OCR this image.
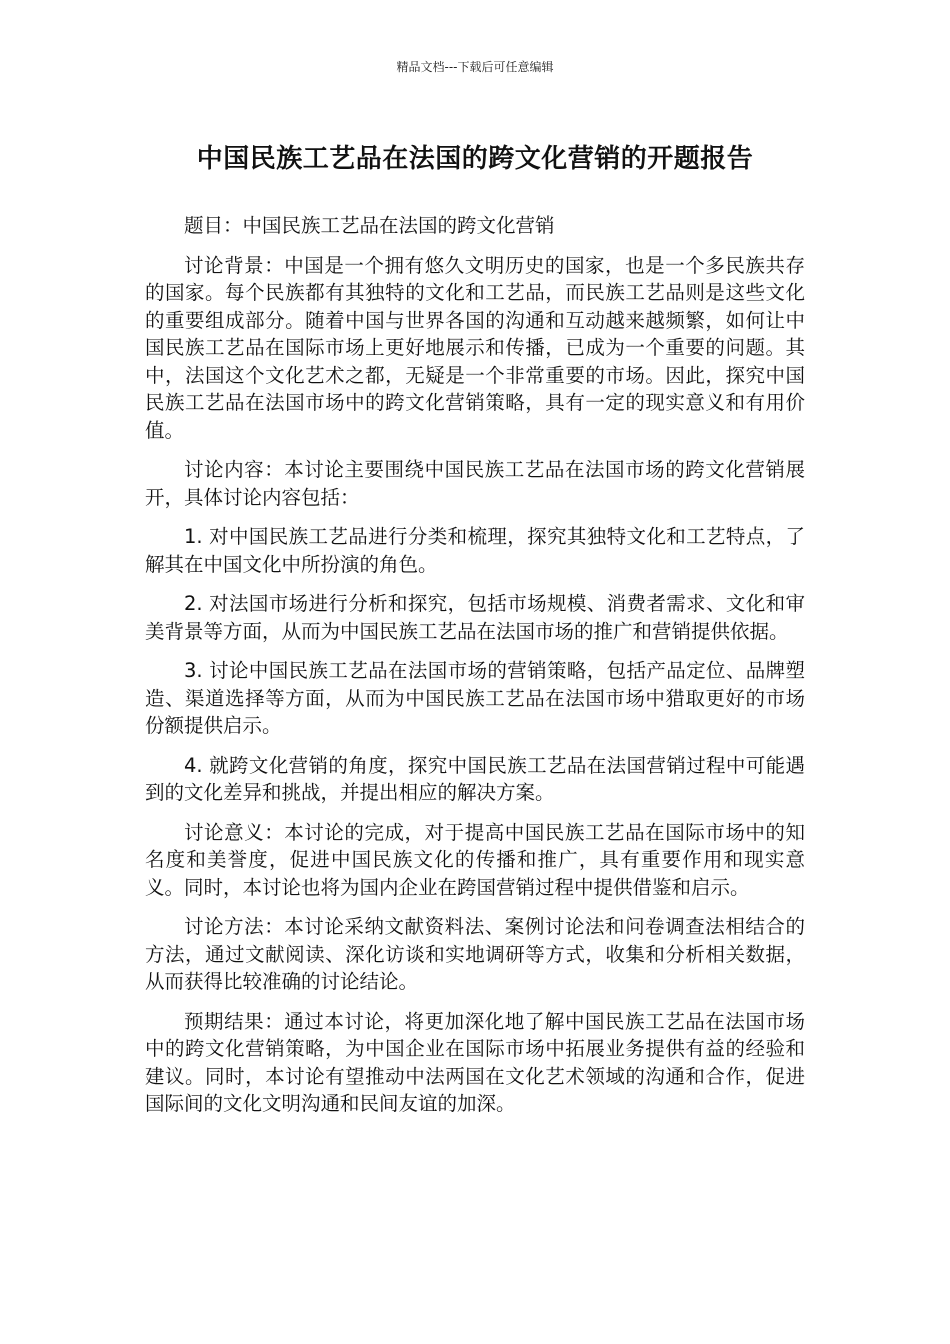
精品文档---下载后可任意编辑
中国民族工艺品在法国的跨文化营销的开题报告

题目：中国民族工艺品在法国的跨文化营销

讨论背景：中国是一个拥有悠久文明历史的国家，也是一个多民族共存的国家。每个民族都有其独特的文化和工艺品，而民族工艺品则是这些文化的重要组成部分。随着中国与世界各国的沟通和互动越来越频繁，如何让中国民族工艺品在国际市场上更好地展示和传播，已成为一个重要的问题。其中，法国这个文化艺术之都，无疑是一个非常重要的市场。因此，探究中国民族工艺品在法国市场中的跨文化营销策略，具有一定的现实意义和有用价值。

讨论内容：本讨论主要围绕中国民族工艺品在法国市场的跨文化营销展开，具体讨论内容包括：

1. 对中国民族工艺品进行分类和梳理，探究其独特文化和工艺特点，了解其在中国文化中所扮演的角色。

2. 对法国市场进行分析和探究，包括市场规模、消费者需求、文化和审美背景等方面，从而为中国民族工艺品在法国市场的推广和营销提供依据。

3. 讨论中国民族工艺品在法国市场的营销策略，包括产品定位、品牌塑造、渠道选择等方面，从而为中国民族工艺品在法国市场中猎取更好的市场份额提供启示。

4. 就跨文化营销的角度，探究中国民族工艺品在法国营销过程中可能遇到的文化差异和挑战，并提出相应的解决方案。

讨论意义：本讨论的完成，对于提高中国民族工艺品在国际市场中的知名度和美誉度，促进中国民族文化的传播和推广，具有重要作用和现实意义。同时，本讨论也将为国内企业在跨国营销过程中提供借鉴和启示。

讨论方法：本讨论采纳文献资料法、案例讨论法和问卷调查法相结合的方法，通过文献阅读、深化访谈和实地调研等方式，收集和分析相关数据，从而获得比较准确的讨论结论。

预期结果：通过本讨论，将更加深化地了解中国民族工艺品在法国市场中的跨文化营销策略，为中国企业在国际市场中拓展业务提供有益的经验和建议。同时，本讨论有望推动中法两国在文化艺术领域的沟通和合作，促进国际间的文化文明沟通和民间友谊的加深。
